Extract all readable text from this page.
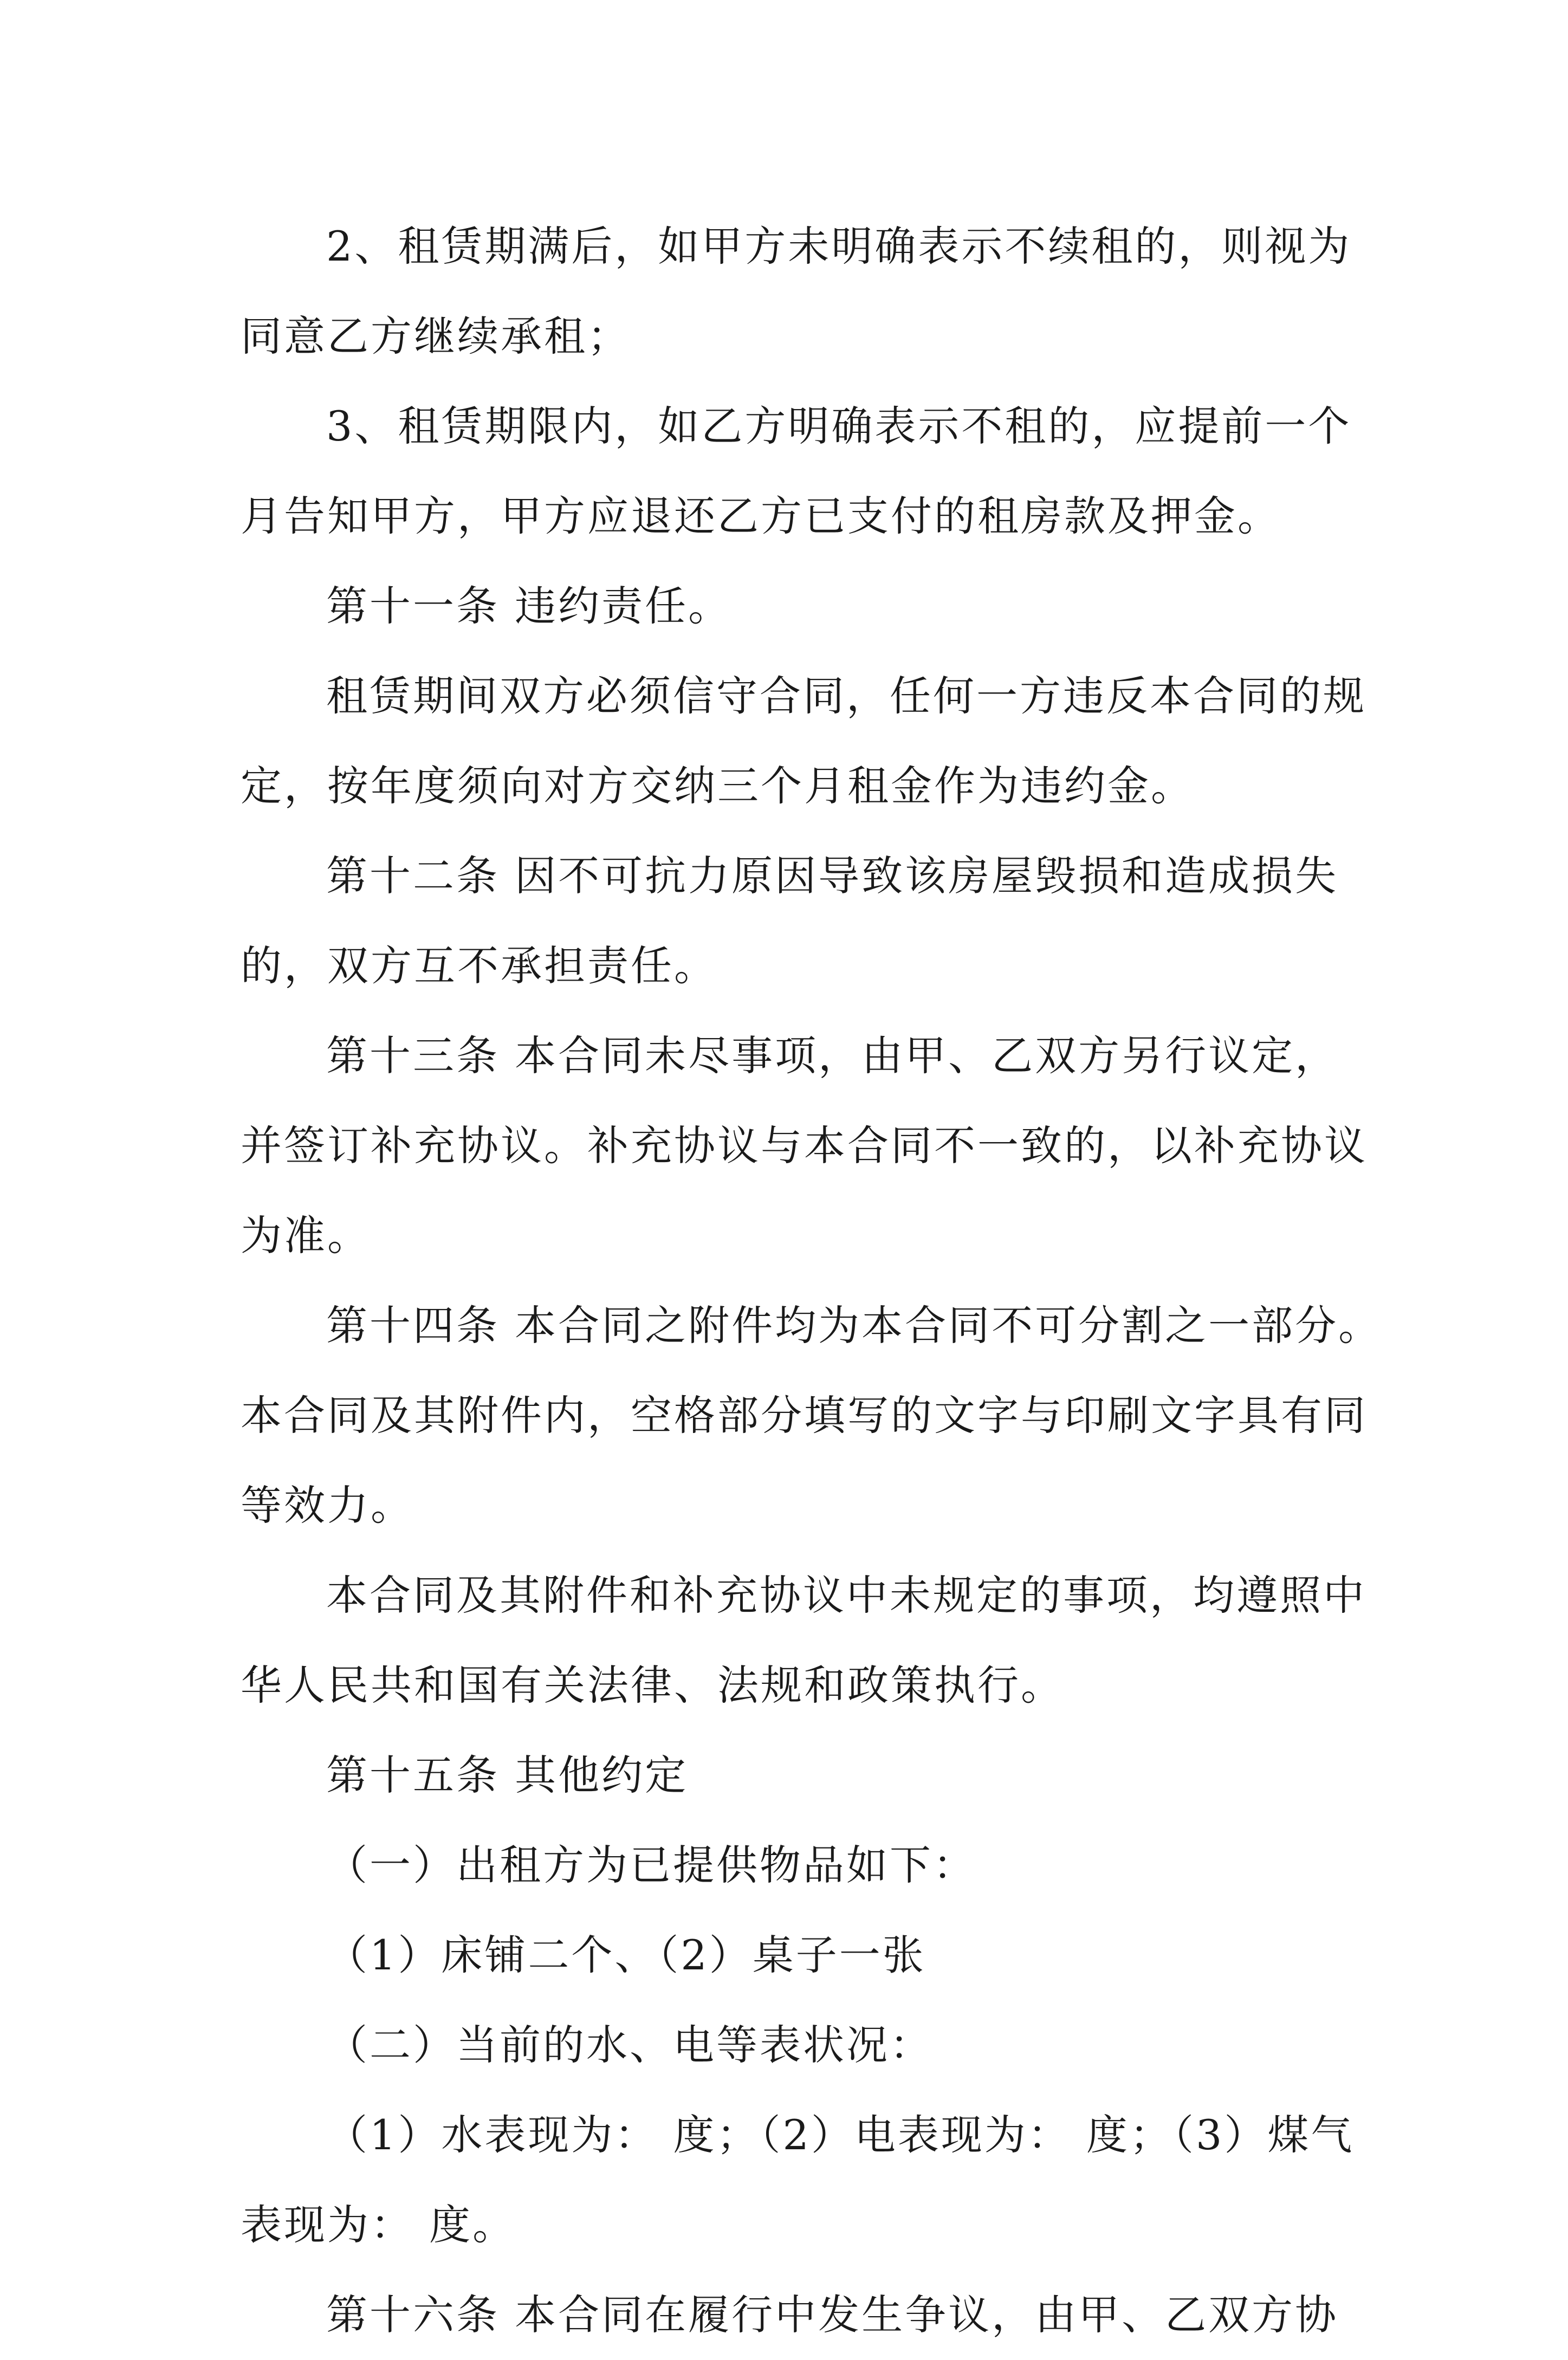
2、租赁期满后，如甲方未明确表示不续租的，则视为
同意乙方继续承租；
3、租赁期限内，如乙方明确表示不租的，应提前一个
月告知甲方，甲方应退还乙方已支付的租房款及押金。
第十一条 违约责任。
租赁期间双方必须信守合同，任何一方违反本合同的规
定，按年度须向对方交纳三个月租金作为违约金。
第十二条 因不可抗力原因导致该房屋毁损和造成损失
的，双方互不承担责任。
第十三条 本合同未尽事项，由甲、乙双方另行议定，
并签订补充协议。补充协议与本合同不一致的，以补充协议
为准。
第十四条 本合同之附件均为本合同不可分割之一部分。
本合同及其附件内，空格部分填写的文字与印刷文字具有同
等效力。
本合同及其附件和补充协议中未规定的事项，均遵照中
华人民共和国有关法律、法规和政策执行。
第十五条 其他约定
（一）出租方为已提供物品如下：
（1）床铺二个、（2）桌子一张
（二）当前的水、电等表状况：
（1）水表现为： 度；（2）电表现为： 度；（3）煤气
表现为： 度。
第十六条 本合同在履行中发生争议，由甲、乙双方协
